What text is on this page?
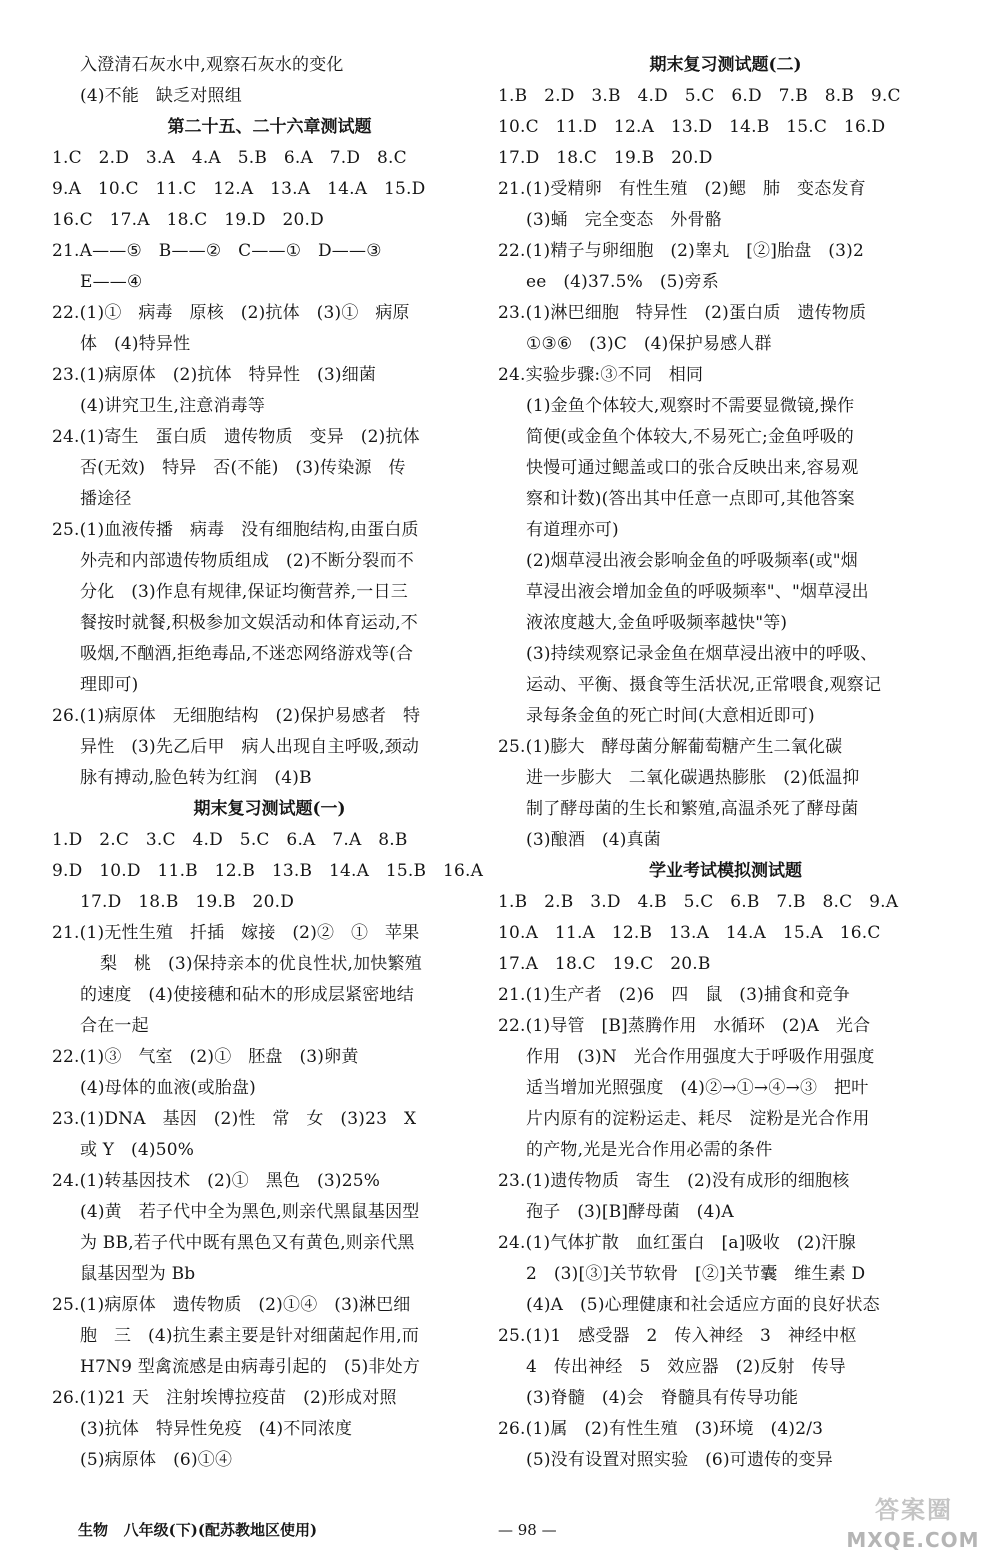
入澄清石灰水中,观察石灰水的变化
(4)不能   缺乏对照组
第二十五、二十六章测试题
1.C   2.D   3.A   4.A   5.B   6.A   7.D   8.C
9.A   10.C   11.C   12.A   13.A   14.A   15.D
16.C   17.A   18.C   19.D   20.D
21.A——⑤   B——②   C——①   D——③
E——④
22.(1)①   病毒   原核   (2)抗体   (3)①   病原
体   (4)特异性
23.(1)病原体   (2)抗体   特异性   (3)细菌
(4)讲究卫生,注意消毒等
24.(1)寄生   蛋白质   遗传物质   变异   (2)抗体
否(无效)   特异   否(不能)   (3)传染源   传
播途径
25.(1)血液传播   病毒   没有细胞结构,由蛋白质
外壳和内部遗传物质组成   (2)不断分裂而不
分化   (3)作息有规律,保证均衡营养,一日三
餐按时就餐,积极参加文娱活动和体育运动,不
吸烟,不酗酒,拒绝毒品,不迷恋网络游戏等(合
理即可)
26.(1)病原体   无细胞结构   (2)保护易感者   特
异性   (3)先乙后甲   病人出现自主呼吸,颈动
脉有搏动,脸色转为红润   (4)B
期末复习测试题(一)
1.D   2.C   3.C   4.D   5.C   6.A   7.A   8.B
9.D   10.D   11.B   12.B   13.B   14.A   15.B   16.A
17.D   18.B   19.B   20.D
21.(1)无性生殖   扦插   嫁接   (2)②   ①   苹果
梨   桃   (3)保持亲本的优良性状,加快繁殖
的速度   (4)使接穗和砧木的形成层紧密地结
合在一起
22.(1)③   气室   (2)①   胚盘   (3)卵黄
(4)母体的血液(或胎盘)
23.(1)DNA   基因   (2)性   常   女   (3)23   X
或 Y   (4)50%
24.(1)转基因技术   (2)①   黑色   (3)25%
(4)黄   若子代中全为黑色,则亲代黑鼠基因型
为 BB,若子代中既有黑色又有黄色,则亲代黑
鼠基因型为 Bb
25.(1)病原体   遗传物质   (2)①④   (3)淋巴细
胞   三   (4)抗生素主要是针对细菌起作用,而
H7N9 型禽流感是由病毒引起的   (5)非处方
26.(1)21 天   注射埃博拉疫苗   (2)形成对照
(3)抗体   特异性免疫   (4)不同浓度
(5)病原体   (6)①④
期末复习测试题(二)
1.B   2.D   3.B   4.D   5.C   6.D   7.B   8.B   9.C
10.C   11.D   12.A   13.D   14.B   15.C   16.D
17.D   18.C   19.B   20.D
21.(1)受精卵   有性生殖   (2)鳃   肺   变态发育
(3)蛹   完全变态   外骨骼
22.(1)精子与卵细胞   (2)睾丸   [②]胎盘   (3)2
ee   (4)37.5%   (5)旁系
23.(1)淋巴细胞   特异性   (2)蛋白质   遗传物质
①③⑥   (3)C   (4)保护易感人群
24.实验步骤:③不同   相同
(1)金鱼个体较大,观察时不需要显微镜,操作
简便(或金鱼个体较大,不易死亡;金鱼呼吸的
快慢可通过鳃盖或口的张合反映出来,容易观
察和计数)(答出其中任意一点即可,其他答案
有道理亦可)
(2)烟草浸出液会影响金鱼的呼吸频率(或"烟
草浸出液会增加金鱼的呼吸频率"、"烟草浸出
液浓度越大,金鱼呼吸频率越快"等)
(3)持续观察记录金鱼在烟草浸出液中的呼吸、
运动、平衡、摄食等生活状况,正常喂食,观察记
录每条金鱼的死亡时间(大意相近即可)
25.(1)膨大   酵母菌分解葡萄糖产生二氧化碳
进一步膨大   二氧化碳遇热膨胀   (2)低温抑
制了酵母菌的生长和繁殖,高温杀死了酵母菌
(3)酿酒   (4)真菌
学业考试模拟测试题
1.B   2.B   3.D   4.B   5.C   6.B   7.B   8.C   9.A
10.A   11.A   12.B   13.A   14.A   15.A   16.C
17.A   18.C   19.C   20.B
21.(1)生产者   (2)6   四   鼠   (3)捕食和竞争
22.(1)导管   [B]蒸腾作用   水循环   (2)A   光合
作用   (3)N   光合作用强度大于呼吸作用强度
适当增加光照强度   (4)②→①→④→③   把叶
片内原有的淀粉运走、耗尽   淀粉是光合作用
的产物,光是光合作用必需的条件
23.(1)遗传物质   寄生   (2)没有成形的细胞核
孢子   (3)[B]酵母菌   (4)A
24.(1)气体扩散   血红蛋白   [a]吸收   (2)汗腺
2   (3)[③]关节软骨   [②]关节囊   维生素 D
(4)A   (5)心理健康和社会适应方面的良好状态
25.(1)1   感受器   2   传入神经   3   神经中枢
4   传出神经   5   效应器   (2)反射   传导
(3)脊髓   (4)会   脊髓具有传导功能
26.(1)属   (2)有性生殖   (3)环境   (4)2/3
(5)没有设置对照实验   (6)可遗传的变异
生物   八年级(下)(配苏教地区使用)	— 98 —
答案圈
MXQE.COM
